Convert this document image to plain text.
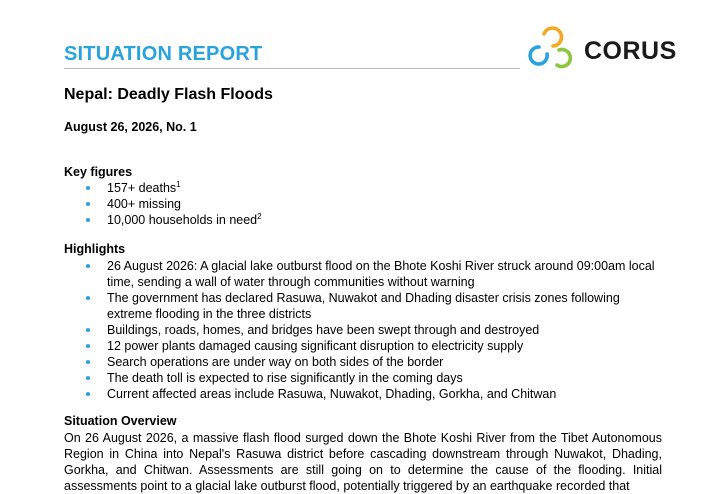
SITUATION REPORT	CORUS
Nepal: Deadly Flash Floods
August 26, 2026, No. 1
Key figures
157+ deaths$^1$
400+ missing
10,000 households in need$^2$
Highlights
26 August 2026: A glacial lake outburst flood on the Bhote Koshi River struck around 09:00am local time, sending a wall of water through communities without warning
The government has declared Rasuwa, Nuwakot and Dhading disaster crisis zones following extreme flooding in the three districts
Buildings, roads, homes, and bridges have been swept through and destroyed
12 power plants damaged causing significant disruption to electricity supply
Search operations are under way on both sides of the border
The death toll is expected to rise significantly in the coming days
Current affected areas include Rasuwa, Nuwakot, Dhading, Gorkha, and Chitwan
Situation Overview

On 26 August 2026, a massive flash flood surged down the Bhote Koshi River from the Tibet Autonomous Region in China into Nepal's Rasuwa district before cascading downstream through Nuwakot, Dhading, Gorkha, and Chitwan. Assessments are still going on to determine the cause of the flooding. Initial assessments point to a glacial lake outburst flood, potentially triggered by an earthquake recorded that
